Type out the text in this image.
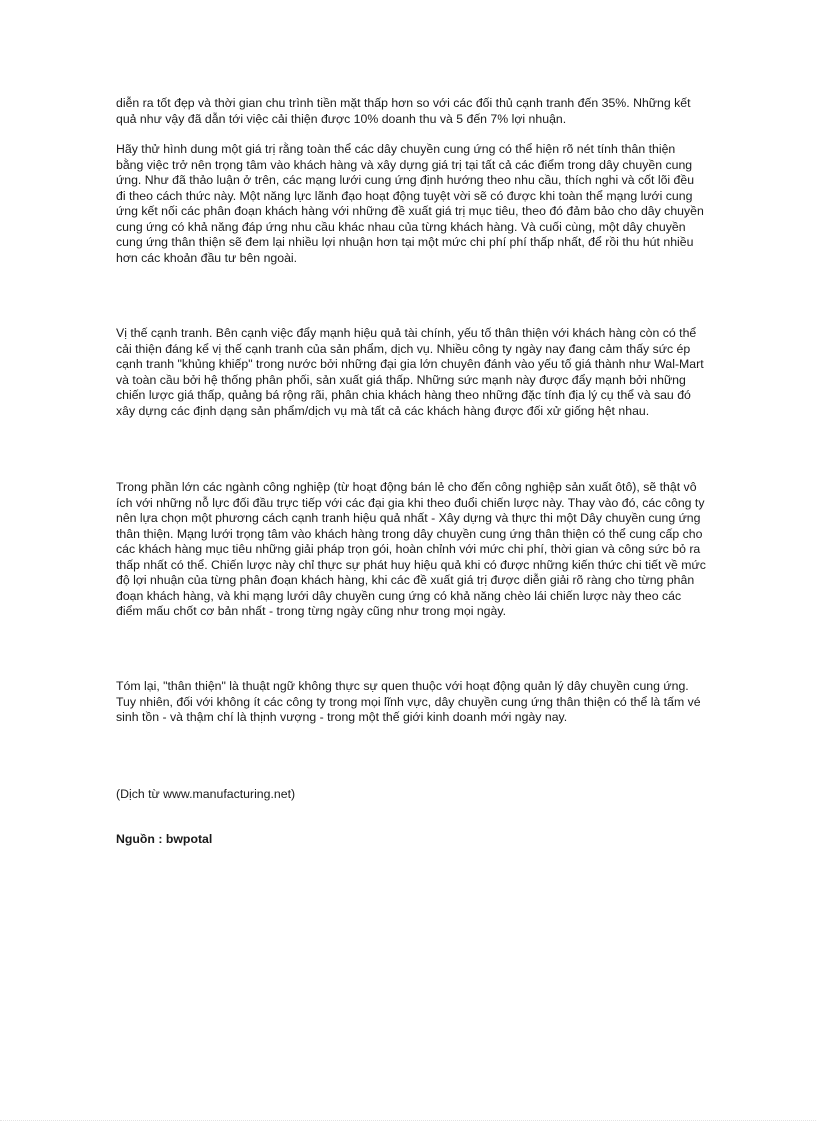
diễn ra tốt đẹp và thời gian chu trình tiền mặt thấp hơn so với các đối thủ cạnh tranh đến 35%. Những kết quả như vậy đã dẫn tới việc cải thiện được 10% doanh thu và 5 đến 7% lợi nhuận.

Hãy thử hình dung một giá trị rằng toàn thể các dây chuyền cung ứng có thể hiện rõ nét tính thân thiện bằng việc trở nên trọng tâm vào khách hàng và xây dựng giá trị tại tất cả các điểm trong dây chuyền cung ứng. Như đã thảo luận ở trên, các mạng lưới cung ứng định hướng theo nhu cầu, thích nghi và cốt lõi đều đi theo cách thức này. Một năng lực lãnh đạo hoạt động tuyệt vời sẽ có được khi toàn thể mạng lưới cung ứng kết nối các phân đoạn khách hàng với những đề xuất giá trị mục tiêu, theo đó đảm bảo cho dây chuyền cung ứng có khả năng đáp ứng nhu cầu khác nhau của từng khách hàng. Và cuối cùng, một dây chuyền cung ứng thân thiện sẽ đem lại nhiều lợi nhuận hơn tại một mức chi phí phí thấp nhất, để rồi thu hút nhiều hơn các khoản đầu tư bên ngoài.

Vị thế cạnh tranh. Bên cạnh việc đẩy mạnh hiệu quả tài chính, yếu tố thân thiện với khách hàng còn có thể cải thiện đáng kể vị thế cạnh tranh của sản phẩm, dịch vụ. Nhiều công ty ngày nay đang cảm thấy sức ép cạnh tranh "khủng khiếp" trong nước bởi những đại gia lớn chuyên đánh vào yếu tố giá thành như Wal-Mart và toàn cầu bởi hệ thống phân phối, sản xuất giá thấp. Những sức mạnh này được đẩy mạnh bởi những chiến lược giá thấp, quảng bá rộng rãi, phân chia khách hàng theo những đặc tính địa lý cụ thể và sau đó xây dựng các định dạng sản phẩm/dịch vụ mà tất cả các khách hàng được đối xử giống hệt nhau.

Trong phần lớn các ngành công nghiệp (từ hoạt động bán lẻ cho đến công nghiệp sản xuất ôtô), sẽ thật vô ích với những nỗ lực đối đầu trực tiếp với các đại gia khi theo đuổi chiến lược này. Thay vào đó, các công ty nên lựa chọn một phương cách cạnh tranh hiệu quả nhất - Xây dựng và thực thi một Dây chuyền cung ứng thân thiện. Mạng lưới trọng tâm vào khách hàng trong dây chuyền cung ứng thân thiện có thể cung cấp cho các khách hàng mục tiêu những giải pháp trọn gói, hoàn chỉnh với mức chi phí, thời gian và công sức bỏ ra thấp nhất có thể. Chiến lược này chỉ thực sự phát huy hiệu quả khi có được những kiến thức chi tiết về mức độ lợi nhuận của từng phân đoạn khách hàng, khi các đề xuất giá trị được diễn giải rõ ràng cho từng phân đoạn khách hàng, và khi mạng lưới dây chuyền cung ứng có khả năng chèo lái chiến lược này theo các điểm mấu chốt cơ bản nhất - trong từng ngày cũng như trong mọi ngày.

Tóm lại, "thân thiện" là thuật ngữ không thực sự quen thuộc với hoạt động quản lý dây chuyền cung ứng. Tuy nhiên, đối với không ít các công ty trong mọi lĩnh vực, dây chuyền cung ứng thân thiện có thể là tấm vé sinh tồn - và thậm chí là thịnh vượng - trong một thế giới kinh doanh mới ngày nay.

(Dịch từ www.manufacturing.net)

Nguồn : bwpotal
